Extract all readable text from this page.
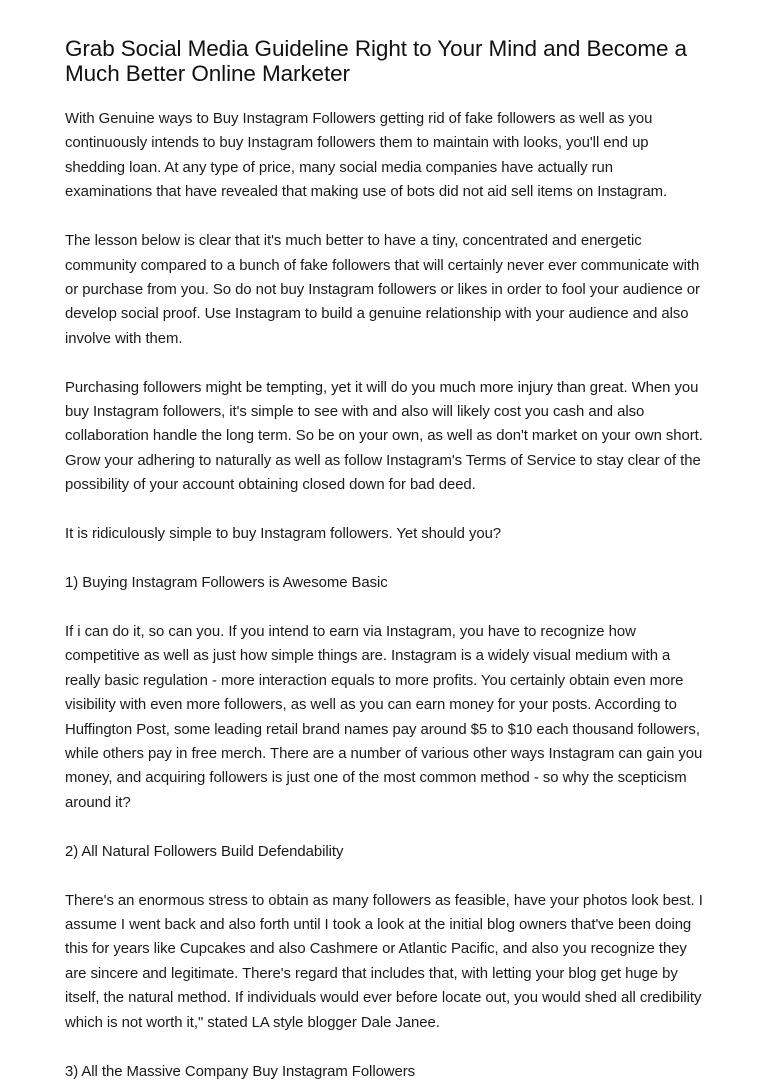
Grab Social Media Guideline Right to Your Mind and Become a Much Better Online Marketer

With Genuine ways to Buy Instagram Followers getting rid of fake followers as well as you continuously intends to buy Instagram followers them to maintain with looks, you'll end up shedding loan. At any type of price, many social media companies have actually run examinations that have revealed that making use of bots did not aid sell items on Instagram.

The lesson below is clear that it's much better to have a tiny, concentrated and energetic community compared to a bunch of fake followers that will certainly never ever communicate with or purchase from you. So do not buy Instagram followers or likes in order to fool your audience or develop social proof. Use Instagram to build a genuine relationship with your audience and also involve with them.

Purchasing followers might be tempting, yet it will do you much more injury than great. When you buy Instagram followers, it's simple to see with and also will likely cost you cash and also collaboration handle the long term. So be on your own, as well as don't market on your own short. Grow your adhering to naturally as well as follow Instagram's Terms of Service to stay clear of the possibility of your account obtaining closed down for bad deed.

It is ridiculously simple to buy Instagram followers. Yet should you?

1) Buying Instagram Followers is Awesome Basic

If i can do it, so can you. If you intend to earn via Instagram, you have to recognize how competitive as well as just how simple things are. Instagram is a widely visual medium with a really basic regulation - more interaction equals to more profits. You certainly obtain even more visibility with even more followers, as well as you can earn money for your posts. According to Huffington Post, some leading retail brand names pay around $5 to $10 each thousand followers, while others pay in free merch. There are a number of various other ways Instagram can gain you money, and acquiring followers is just one of the most common method - so why the scepticism around it?

2) All Natural Followers Build Defendability

There's an enormous stress to obtain as many followers as feasible, have your photos look best. I assume I went back and also forth until I took a look at the initial blog owners that've been doing this for years like Cupcakes and also Cashmere or Atlantic Pacific, and also you recognize they are sincere and legitimate. There's regard that includes that, with letting your blog get huge by itself, the natural method. If individuals would ever before locate out, you would shed all credibility which is not worth it," stated LA style blogger Dale Janee.

3) All the Massive Company Buy Instagram Followers
